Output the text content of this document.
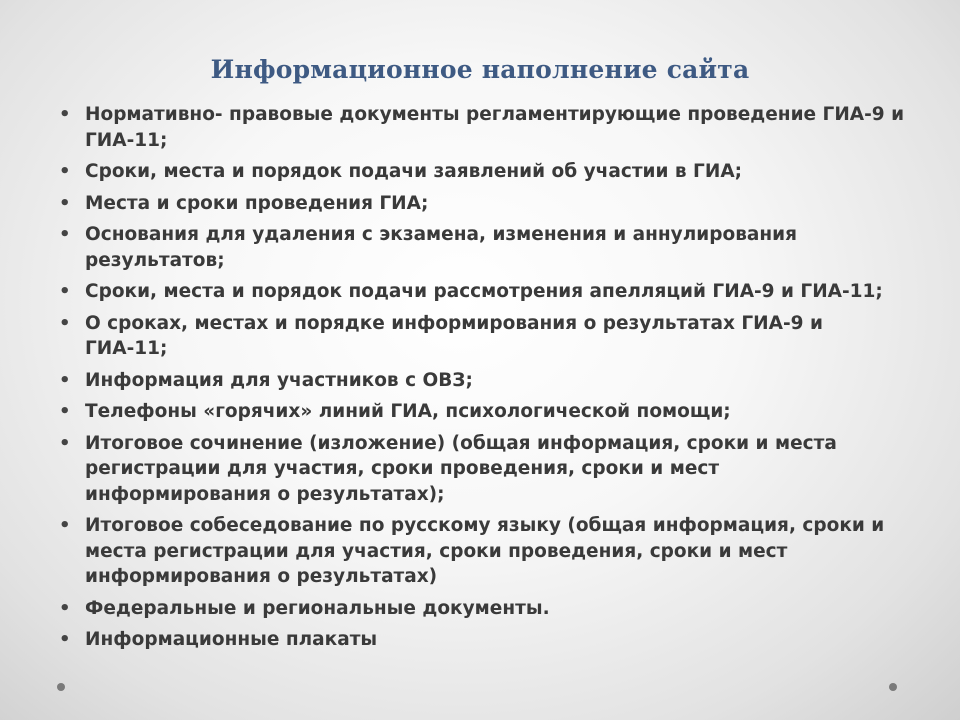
Информационное наполнение сайта
• Нормативно- правовые документы регламентирующие проведение ГИА-9 и ГИА-11;
• Сроки, места и порядок подачи заявлений об участии в ГИА;
• Места и сроки проведения ГИА;
• Основания для удаления с экзамена, изменения и аннулирования результатов;
• Сроки, места и порядок подачи рассмотрения апелляций ГИА-9 и ГИА-11;
• О сроках, местах и порядке информирования о результатах ГИА-9 и ГИА-11;
• Информация для участников с ОВЗ;
• Телефоны «горячих» линий ГИА, психологической помощи;
• Итоговое сочинение (изложение) (общая информация, сроки и места регистрации для участия, сроки проведения, сроки и мест информирования о результатах);
• Итоговое собеседование по русскому языку (общая информация, сроки и места регистрации для участия, сроки проведения, сроки и мест информирования о результатах)
• Федеральные и региональные документы.
• Информационные плакаты
